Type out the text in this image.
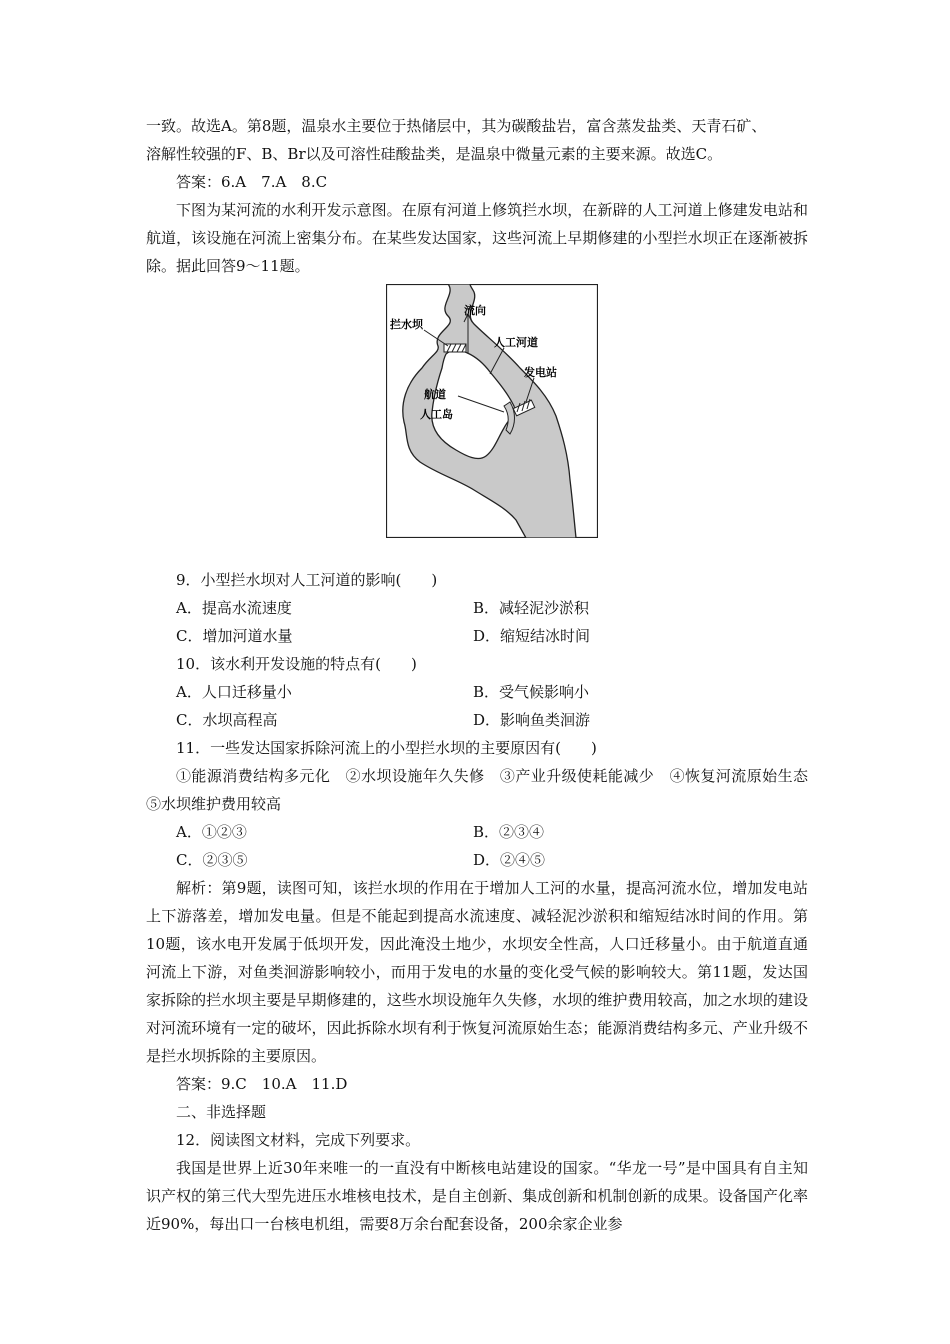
一致。故选A。第8题，温泉水主要位于热储层中，其为碳酸盐岩，富含蒸发盐类、天青石矿、
溶解性较强的F、B、Br以及可溶性硅酸盐类，是温泉中微量元素的主要来源。故选C。
答案：6.A　7.A　8.C

下图为某河流的水利开发示意图。在原有河道上修筑拦水坝，在新辟的人工河道上修建发电站和航道，该设施在河流上密集分布。在某些发达国家，这些河流上早期修建的小型拦水坝正在逐渐被拆除。据此回答9～11题。

拦水坝
流向
人工河道
发电站
航道
人工岛
9．小型拦水坝对人工河道的影响(　　)
A．提高水流速度	B．减轻泥沙淤积
C．增加河道水量	D．缩短结冰时间
10．该水利开发设施的特点有(　　)
A．人口迁移量小	B．受气候影响小
C．水坝高程高	D．影响鱼类洄游
11．一些发达国家拆除河流上的小型拦水坝的主要原因有(　　)

①能源消费结构多元化　②水坝设施年久失修　③产业升级使耗能减少　④恢复河流原始生态　⑤水坝维护费用较高

A．①②③	B．②③④
C．②③⑤	D．②④⑤

解析：第9题，读图可知，该拦水坝的作用在于增加人工河的水量，提高河流水位，增加发电站上下游落差，增加发电量。但是不能起到提高水流速度、减轻泥沙淤积和缩短结冰时间的作用。第10题，该水电开发属于低坝开发，因此淹没土地少，水坝安全性高，人口迁移量小。由于航道直通河流上下游，对鱼类洄游影响较小，而用于发电的水量的变化受气候的影响较大。第11题，发达国家拆除的拦水坝主要是早期修建的，这些水坝设施年久失修，水坝的维护费用较高，加之水坝的建设对河流环境有一定的破坏，因此拆除水坝有利于恢复河流原始生态；能源消费结构多元、产业升级不是拦水坝拆除的主要原因。

答案：9.C　10.A　11.D
二、非选择题
12．阅读图文材料，完成下列要求。

我国是世界上近30年来唯一的一直没有中断核电站建设的国家。“华龙一号”是中国具有自主知识产权的第三代大型先进压水堆核电技术，是自主创新、集成创新和机制创新的成果。设备国产化率近90%，每出口一台核电机组，需要8万余台配套设备，200余家企业参
